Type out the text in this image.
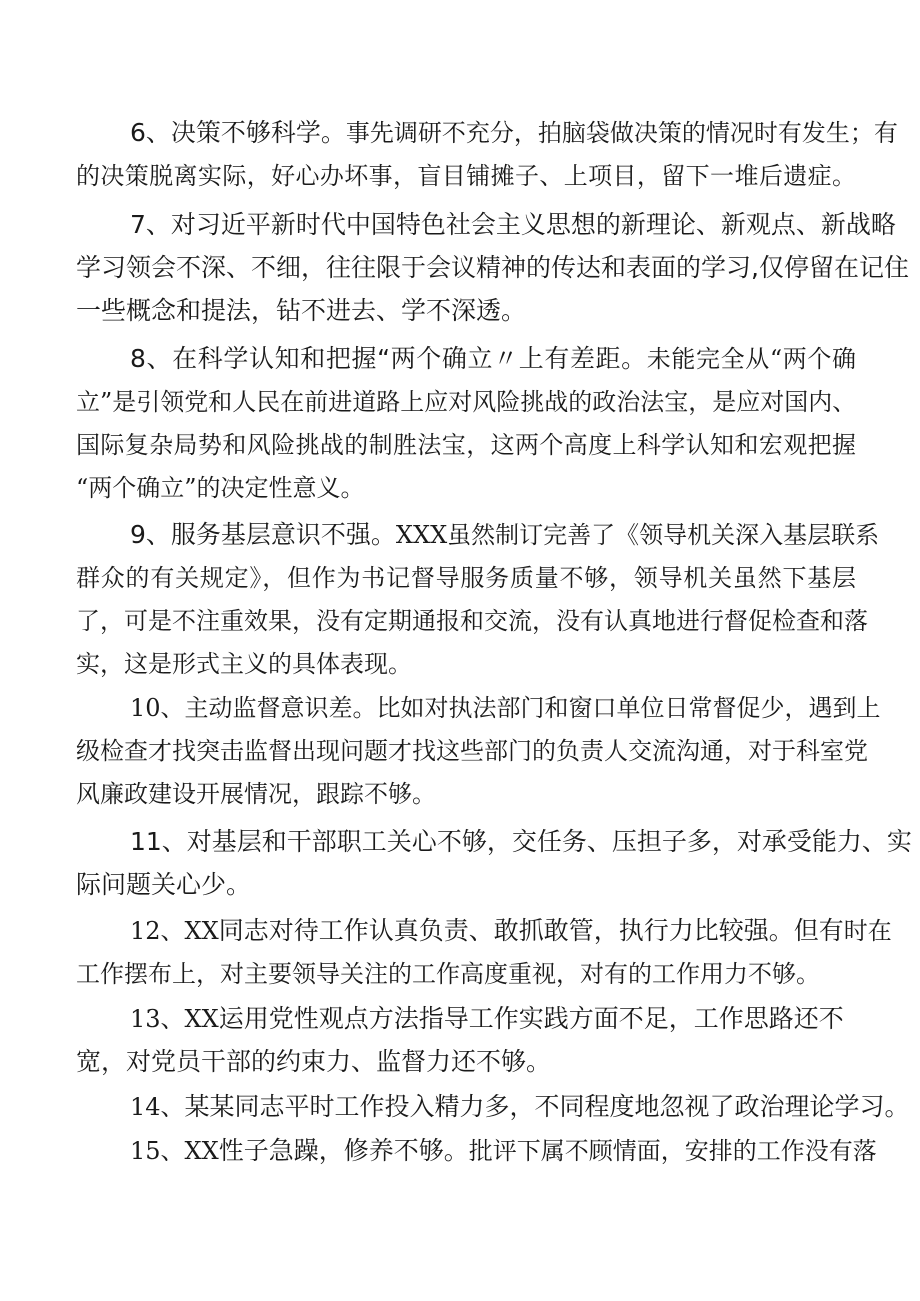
6、决策不够科学。事先调研不充分，拍脑袋做决策的情况时有发生；有
的决策脱离实际，好心办坏事，盲目铺摊子、上项目，留下一堆后遗症。
7、对习近平新时代中国特色社会主义思想的新理论、新观点、新战略
学习领会不深、不细，往往限于会议精神的传达和表面的学习,仅停留在记住
一些概念和提法，钻不进去、学不深透。
8、在科学认知和把握“两个确立〃上有差距。未能完全从“两个确
立”是引领党和人民在前进道路上应对风险挑战的政治法宝，是应对国内、
国际复杂局势和风险挑战的制胜法宝，这两个高度上科学认知和宏观把握
“两个确立”的决定性意义。
9、服务基层意识不强。XXX虽然制订完善了《领导机关深入基层联系
群众的有关规定》，但作为书记督导服务质量不够，领导机关虽然下基层
了，可是不注重效果，没有定期通报和交流，没有认真地进行督促检查和落
实，这是形式主义的具体表现。
10、主动监督意识差。比如对执法部门和窗口单位日常督促少，遇到上
级检查才找突击监督出现问题才找这些部门的负责人交流沟通，对于科室党
风廉政建设开展情况，跟踪不够。
11、对基层和干部职工关心不够，交任务、压担子多，对承受能力、实
际问题关心少。
12、XX同志对待工作认真负责、敢抓敢管，执行力比较强。但有时在
工作摆布上，对主要领导关注的工作高度重视，对有的工作用力不够。
13、XX运用党性观点方法指导工作实践方面不足，工作思路还不
宽，对党员干部的约束力、监督力还不够。
14、某某同志平时工作投入精力多，不同程度地忽视了政治理论学习。
15、XX性子急躁，修养不够。批评下属不顾情面，安排的工作没有落
